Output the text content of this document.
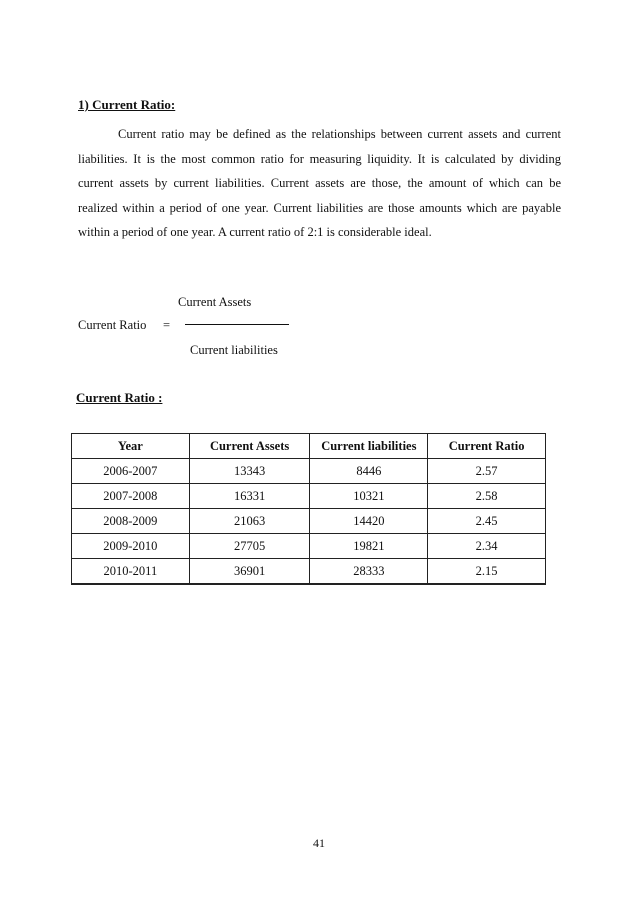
1) Current Ratio:
Current ratio may be defined as the relationships between current assets and current liabilities. It is the most common ratio for measuring liquidity. It is calculated by dividing current assets by current liabilities. Current assets are those, the amount of which can be realized within a period of one year. Current liabilities are those amounts which are payable within a period of one year. A current ratio of 2:1 is considerable ideal.
Current Assets
Current Ratio =
Current liabilities
Current Ratio :
Year	Current Assets	Current liabilities	Current Ratio
2006-2007	13343	8446	2.57
2007-2008	16331	10321	2.58
2008-2009	21063	14420	2.45
2009-2010	27705	19821	2.34
2010-2011	36901	28333	2.15
41
